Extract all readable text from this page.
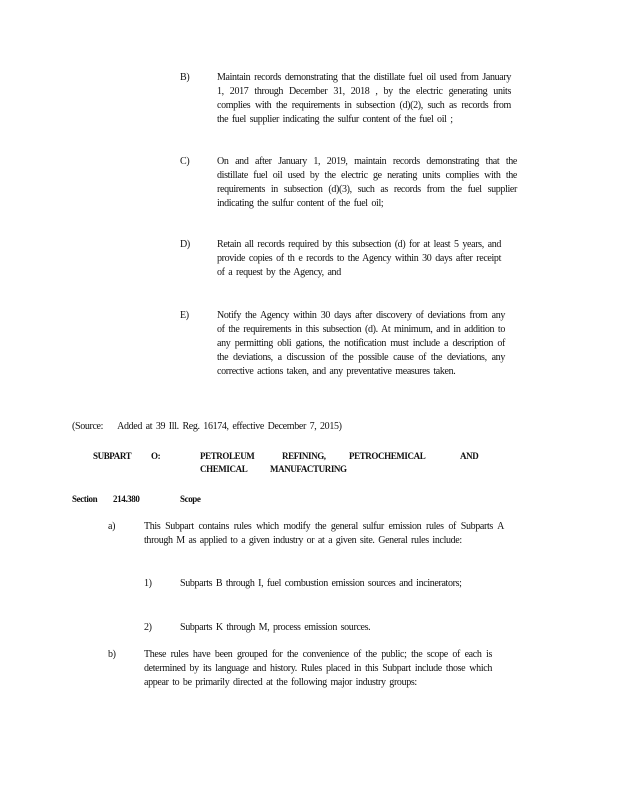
B)	Maintain records demonstrating that the distillate fuel oil used from January 1, 2017 through December 31, 2018 , by the electric generating units complies with the requirements in subsection (d)(2), such as records from the fuel supplier indicating the sulfur content of the fuel oil ;
C)	On and after January 1, 2019, maintain records demonstrating that the distillate fuel oil used by the electric ge nerating units complies with the requirements in subsection (d)(3), such as records from the fuel supplier indicating the sulfur content of the fuel oil;
D)	Retain all records required by this subsection (d) for at least 5 years, and provide copies of th e records to the Agency within 30 days after receipt of a request by the Agency, and
E)	Notify the Agency within 30 days after discovery of deviations from any of the requirements in this subsection (d). At minimum, and in addition to any permitting obli gations, the notification must include a description of the deviations, a discussion of the possible cause of the deviations, any corrective actions taken, and any preventative measures taken.
(Source:    Added at 39 Ill. Reg. 16174, effective December 7, 2015)
SUBPART O:	PETROLEUM
CHEMICAL
REFINING,
MANUFACTURING
PETROCHEMICAL	AND
Section 214.380	Scope
a)	This Subpart contains rules which modify the general sulfur emission rules of Subparts A through M as applied to a given industry or at a given site. General rules include:
1)	Subparts B through I, fuel combustion emission sources and incinerators;
2)	Subparts K through M, process emission sources.
b)	These rules have been grouped for the convenience of the public; the scope of each is determined by its language and history. Rules placed in this Subpart include those which appear to be primarily directed at the following major industry groups:
